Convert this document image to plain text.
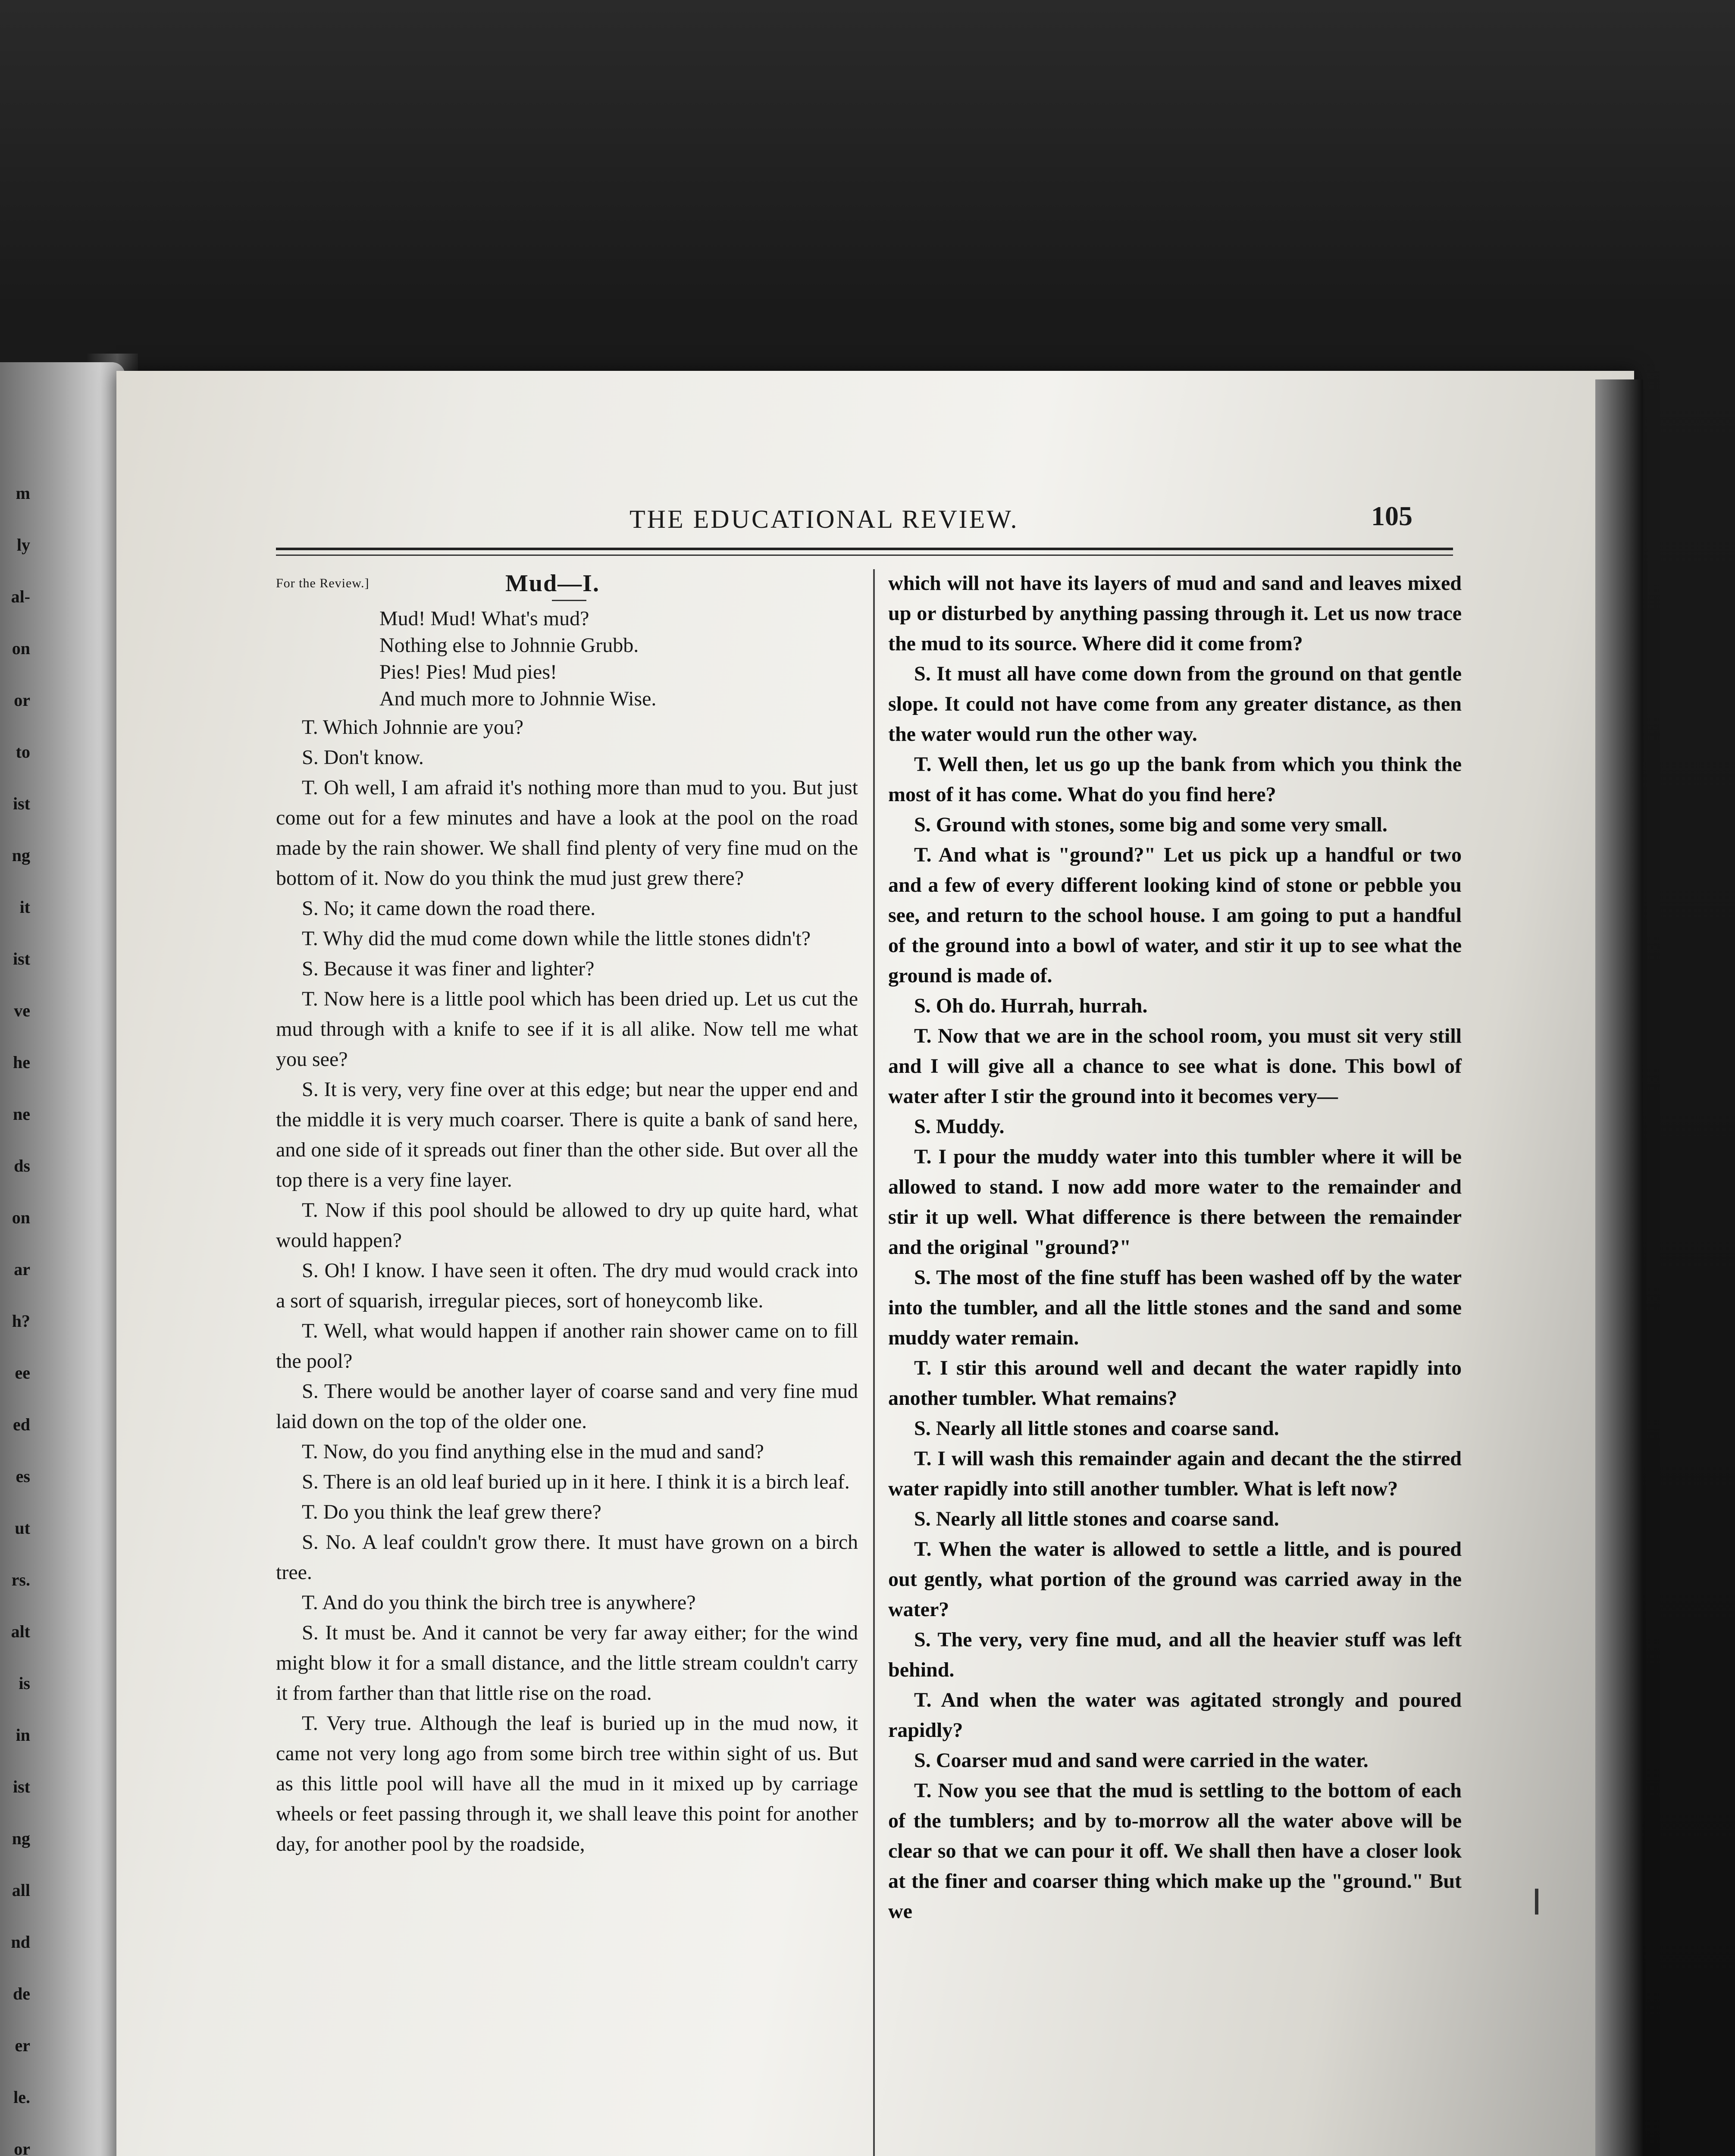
m
ly
al-
on
or
to
ist
ng
it
ist
ve
he
ne
ds
on
ar
h?
ee
ed
es
ut
rs.
alt
is
in
ist
ng
all
nd
de
er
le.
or
THE EDUCATIONAL REVIEW.	105
For the Review.]	Mud—I.

Mud! Mud! What's mud?

Nothing else to Johnnie Grubb.

Pies! Pies! Mud pies!

And much more to Johnnie Wise.

T. Which Johnnie are you?

S. Don't know.

T. Oh well, I am afraid it's nothing more than mud to you. But just come out for a few minutes and have a look at the pool on the road made by the rain shower. We shall find plenty of very fine mud on the bottom of it. Now do you think the mud just grew there?

S. No; it came down the road there.

T. Why did the mud come down while the little stones didn't?

S. Because it was finer and lighter?

T. Now here is a little pool which has been dried up. Let us cut the mud through with a knife to see if it is all alike. Now tell me what you see?

S. It is very, very fine over at this edge; but near the upper end and the middle it is very much coarser. There is quite a bank of sand here, and one side of it spreads out finer than the other side. But over all the top there is a very fine layer.

T. Now if this pool should be allowed to dry up quite hard, what would happen?

S. Oh! I know. I have seen it often. The dry mud would crack into a sort of squarish, irregular pieces, sort of honeycomb like.

T. Well, what would happen if another rain shower came on to fill the pool?

S. There would be another layer of coarse sand and very fine mud laid down on the top of the older one.

T. Now, do you find anything else in the mud and sand?

S. There is an old leaf buried up in it here. I think it is a birch leaf.

T. Do you think the leaf grew there?

S. No. A leaf couldn't grow there. It must have grown on a birch tree.

T. And do you think the birch tree is anywhere?

S. It must be. And it cannot be very far away either; for the wind might blow it for a small distance, and the little stream couldn't carry it from farther than that little rise on the road.

T. Very true. Although the leaf is buried up in the mud now, it came not very long ago from some birch tree within sight of us. But as this little pool will have all the mud in it mixed up by carriage wheels or feet passing through it, we shall leave this point for another day, for another pool by the roadside,

which will not have its layers of mud and sand and leaves mixed up or disturbed by anything passing through it. Let us now trace the mud to its source. Where did it come from?

S. It must all have come down from the ground on that gentle slope. It could not have come from any greater distance, as then the water would run the other way.

T. Well then, let us go up the bank from which you think the most of it has come. What do you find here?

S. Ground with stones, some big and some very small.

T. And what is "ground?" Let us pick up a handful or two and a few of every different looking kind of stone or pebble you see, and return to the school house. I am going to put a handful of the ground into a bowl of water, and stir it up to see what the ground is made of.

S. Oh do. Hurrah, hurrah.

T. Now that we are in the school room, you must sit very still and I will give all a chance to see what is done. This bowl of water after I stir the ground into it becomes very—

S. Muddy.

T. I pour the muddy water into this tumbler where it will be allowed to stand. I now add more water to the remainder and stir it up well. What difference is there between the remainder and the original "ground?"

S. The most of the fine stuff has been washed off by the water into the tumbler, and all the little stones and the sand and some muddy water remain.

T. I stir this around well and decant the water rapidly into another tumbler. What remains?

S. Nearly all little stones and coarse sand.

T. I will wash this remainder again and decant the the stirred water rapidly into still another tumbler. What is left now?

S. Nearly all little stones and coarse sand.

T. When the water is allowed to settle a little, and is poured out gently, what portion of the ground was carried away in the water?

S. The very, very fine mud, and all the heavier stuff was left behind.

T. And when the water was agitated strongly and poured rapidly?

S. Coarser mud and sand were carried in the water.

T. Now you see that the mud is settling to the bottom of each of the tumblers; and by to-morrow all the water above will be clear so that we can pour it off. We shall then have a closer look at the finer and coarser thing which make up the "ground." But we
